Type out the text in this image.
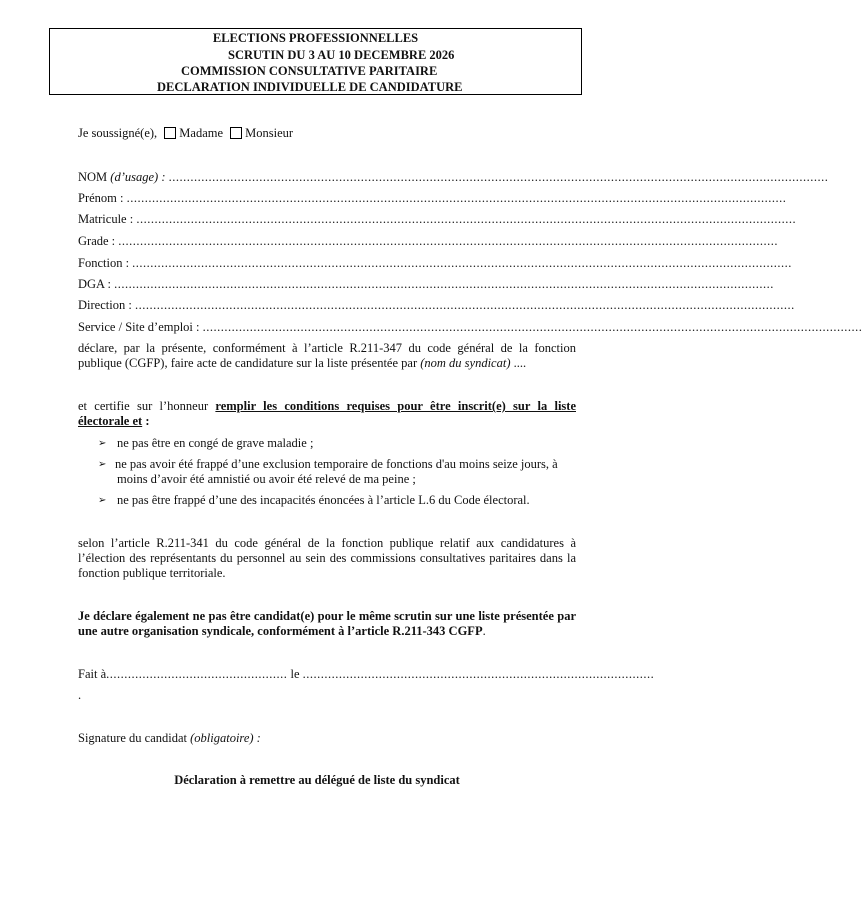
ELECTIONS PROFESSIONNELLES
SCRUTIN DU 3 AU 10 DECEMBRE 2026
COMMISSION CONSULTATIVE PARITAIRE
DECLARATION INDIVIDUELLE DE CANDIDATURE
Je soussigné(e), Madame Monsieur
NOM (d’usage) : ......................................................................................................................................................................................
Prénom : ......................................................................................................................................................................................
Matricule : ......................................................................................................................................................................................
Grade : ......................................................................................................................................................................................
Fonction : ......................................................................................................................................................................................
DGA : ......................................................................................................................................................................................
Direction : ......................................................................................................................................................................................
Service / Site d’emploi : ......................................................................................................................................................................................
déclare, par la présente, conformément à l’article R.211-347 du code général de la fonction publique (CGFP), faire acte de candidature sur la liste présentée par (nom du syndicat) ....
et certifie sur l’honneur remplir les conditions requises pour être inscrit(e) sur la liste électorale et :
➢ ne pas être en congé de grave maladie ;
➢ ne pas avoir été frappé d’une exclusion temporaire de fonctions d'au moins seize jours, à moins d’avoir été amnistié ou avoir été relevé de ma peine ;
➢ ne pas être frappé d’une des incapacités énoncées à l’article L.6 du Code électoral.
selon l’article R.211-341 du code général de la fonction publique relatif aux candidatures à l’élection des représentants du personnel au sein des commissions consultatives paritaires dans la fonction publique territoriale.
Je déclare également ne pas être candidat(e) pour le même scrutin sur une liste présentée par une autre organisation syndicale, conformément à l’article R.211-343 CGFP.
Fait à.................................................. le .................................................................................................
.
Signature du candidat (obligatoire) :
Déclaration à remettre au délégué de liste du syndicat
